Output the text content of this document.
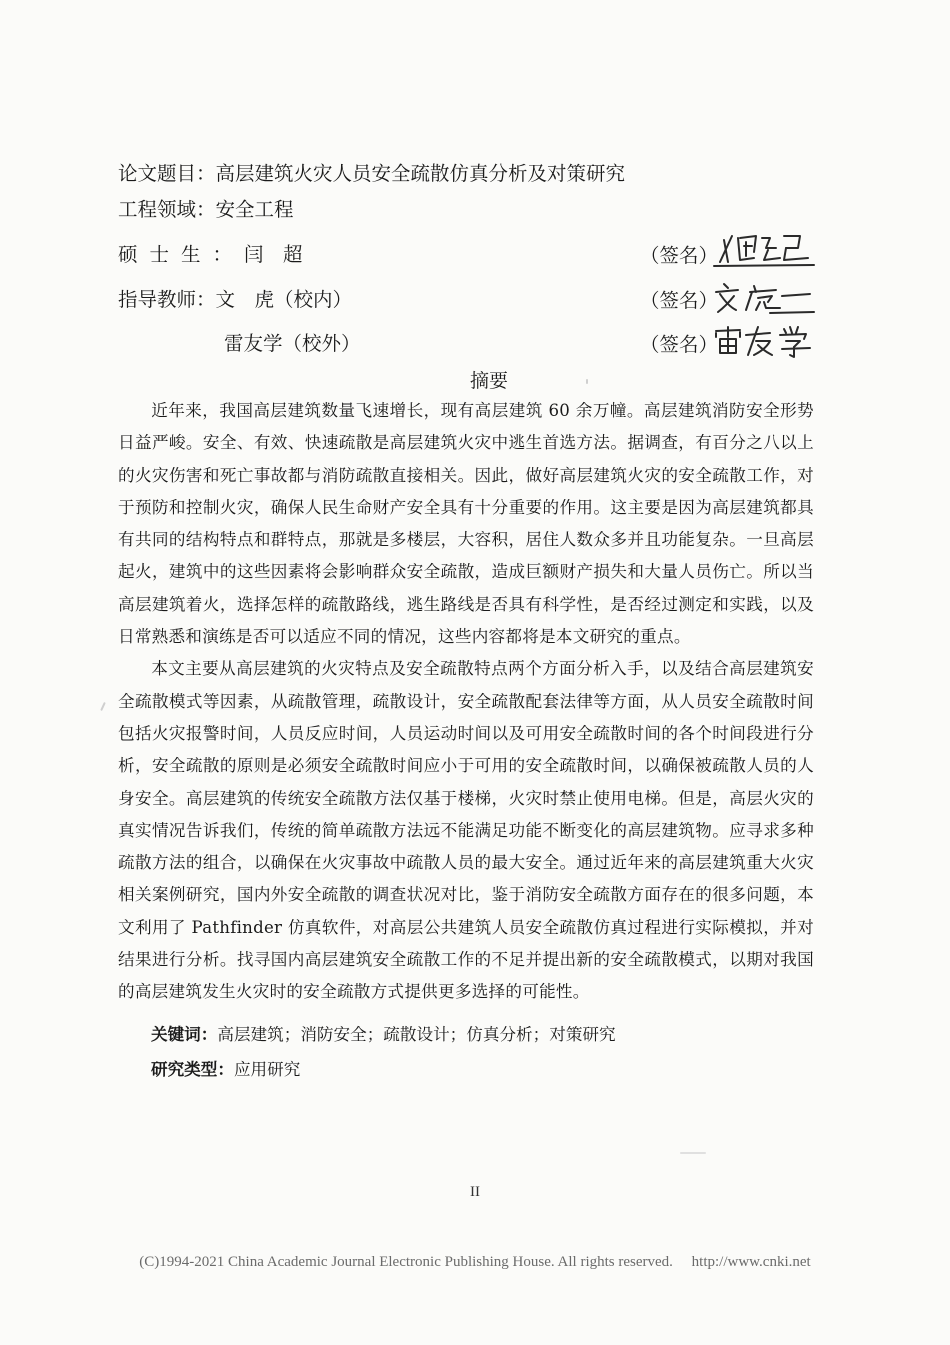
论文题目：高层建筑火灾人员安全疏散仿真分析及对策研究
工程领域：安全工程
硕士生：闫　超	（签名）
指导教师：文　虎（校内）	（签名）
雷友学（校外）	（签名）
摘要

近年来，我国高层建筑数量飞速增长，现有高层建筑 60 余万幢。高层建筑消防安全形势日益严峻。安全、有效、快速疏散是高层建筑火灾中逃生首选方法。据调查，有百分之八以上的火灾伤害和死亡事故都与消防疏散直接相关。因此，做好高层建筑火灾的安全疏散工作，对于预防和控制火灾，确保人民生命财产安全具有十分重要的作用。这主要是因为高层建筑都具有共同的结构特点和群特点，那就是多楼层，大容积，居住人数众多并且功能复杂。一旦高层起火，建筑中的这些因素将会影响群众安全疏散，造成巨额财产损失和大量人员伤亡。所以当高层建筑着火，选择怎样的疏散路线，逃生路线是否具有科学性，是否经过测定和实践，以及日常熟悉和演练是否可以适应不同的情况，这些内容都将是本文研究的重点。

本文主要从高层建筑的火灾特点及安全疏散特点两个方面分析入手，以及结合高层建筑安全疏散模式等因素，从疏散管理，疏散设计，安全疏散配套法律等方面，从人员安全疏散时间包括火灾报警时间，人员反应时间，人员运动时间以及可用安全疏散时间的各个时间段进行分析，安全疏散的原则是必须安全疏散时间应小于可用的安全疏散时间，以确保被疏散人员的人身安全。高层建筑的传统安全疏散方法仅基于楼梯，火灾时禁止使用电梯。但是，高层火灾的真实情况告诉我们，传统的简单疏散方法远不能满足功能不断变化的高层建筑物。应寻求多种疏散方法的组合，以确保在火灾事故中疏散人员的最大安全。通过近年来的高层建筑重大火灾相关案例研究，国内外安全疏散的调查状况对比，鉴于消防安全疏散方面存在的很多问题，本文利用了 Pathfinder 仿真软件，对高层公共建筑人员安全疏散仿真过程进行实际模拟，并对结果进行分析。找寻国内高层建筑安全疏散工作的不足并提出新的安全疏散模式，以期对我国的高层建筑发生火灾时的安全疏散方式提供更多选择的可能性。

关键词：高层建筑；消防安全；疏散设计；仿真分析；对策研究
研究类型：应用研究
II
(C)1994-2021 China Academic Journal Electronic Publishing House. All rights reserved.　 http://www.cnki.net
